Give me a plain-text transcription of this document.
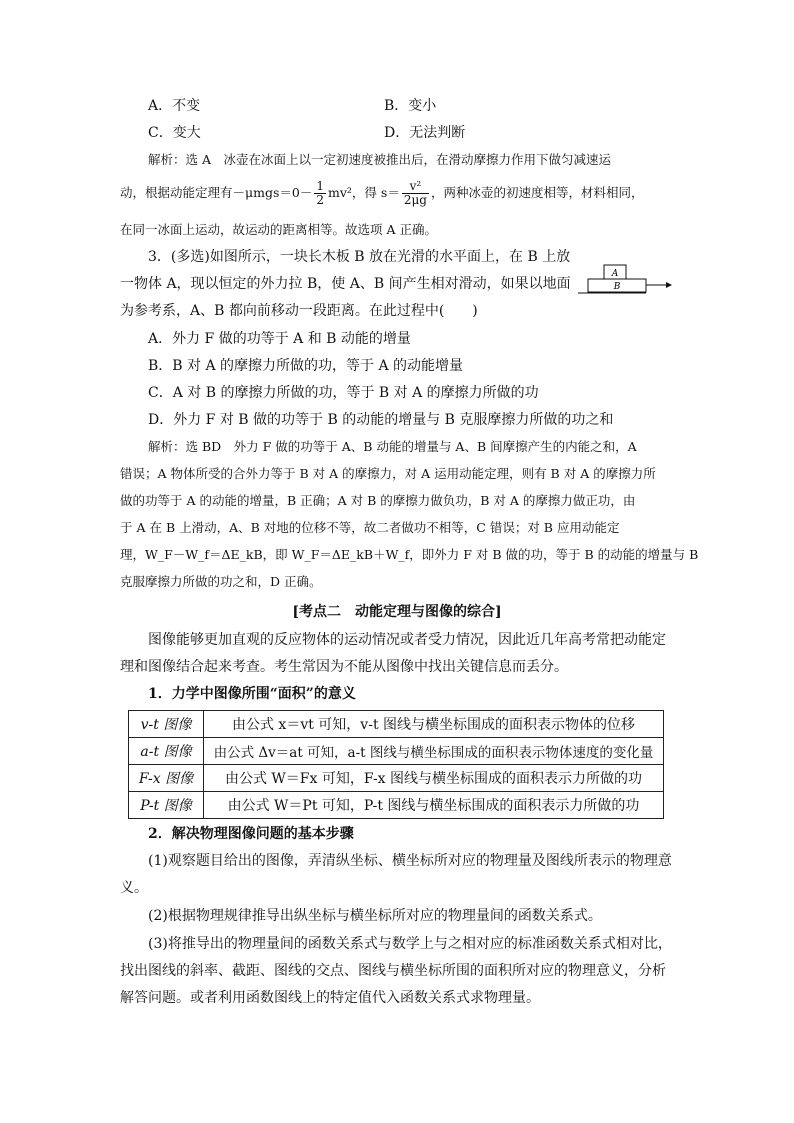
A．不变	B．变小
C．变大	D．无法判断
解析：选 A　冰壶在冰面上以一定初速度被推出后，在滑动摩擦力作用下做匀减速运
动，根据动能定理有$-\mu mgs=0- \frac{1}{2} mv^2$，得 $s= \frac{\text{v²}}{2\mu g}$ ，两种冰壶的初速度相等，材料相同，
在同一冰面上运动，故运动的距离相等。故选项 A 正确。
3．(多选)如图所示，一块长木板 B 放在光滑的水平面上，在 B 上放
一物体 A，现以恒定的外力拉 B，使 A、B 间产生相对滑动，如果以地面
为参考系，A、B 都向前移动一段距离。在此过程中(　　)
A
B
A．外力 F 做的功等于 A 和 B 动能的增量
B．B 对 A 的摩擦力所做的功，等于 A 的动能增量
C．A 对 B 的摩擦力所做的功，等于 B 对 A 的摩擦力所做的功
D．外力 F 对 B 做的功等于 B 的动能的增量与 B 克服摩擦力所做的功之和
解析：选 BD　外力 F 做的功等于 A、B 动能的增量与 A、B 间摩擦产生的内能之和，A
错误；A 物体所受的合外力等于 B 对 A 的摩擦力，对 A 运用动能定理，则有 B 对 A 的摩擦力所
做的功等于 A 的动能的增量，B 正确；A 对 B 的摩擦力做负功，B 对 A 的摩擦力做正功，由
于 A 在 B 上滑动，A、B 对地的位移不等，故二者做功不相等，C 错误；对 B 应用动能定
理，W_F－W_f＝ΔE_kB，即 W_F＝ΔE_kB＋W_f，即外力 F 对 B 做的功，等于 B 的动能的增量与 B
克服摩擦力所做的功之和，D 正确。
[考点二　动能定理与图像的综合]
图像能够更加直观的反应物体的运动情况或者受力情况，因此近几年高考常把动能定
理和图像结合起来考查。考生常因为不能从图像中找出关键信息而丢分。
1．力学中图像所围“面积”的意义
v-t 图像	由公式 x＝vt 可知，v-t 图线与横坐标围成的面积表示物体的位移
a-t 图像	由公式 Δv＝at 可知，a-t 图线与横坐标围成的面积表示物体速度的变化量
F-x 图像	由公式 W＝Fx 可知，F-x 图线与横坐标围成的面积表示力所做的功
P-t 图像	由公式 W＝Pt 可知，P-t 图线与横坐标围成的面积表示力所做的功
2．解决物理图像问题的基本步骤
(1)观察题目给出的图像，弄清纵坐标、横坐标所对应的物理量及图线所表示的物理意
义。
(2)根据物理规律推导出纵坐标与横坐标所对应的物理量间的函数关系式。
(3)将推导出的物理量间的函数关系式与数学上与之相对应的标准函数关系式相对比，
找出图线的斜率、截距、图线的交点、图线与横坐标所围的面积所对应的物理意义，分析
解答问题。或者利用函数图线上的特定值代入函数关系式求物理量。
